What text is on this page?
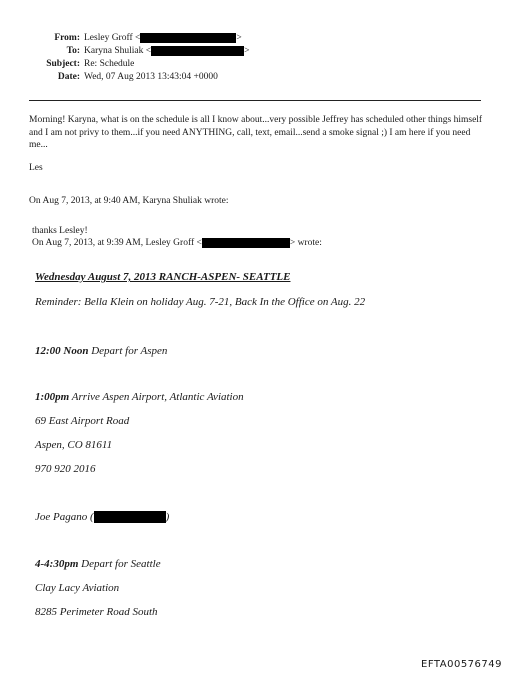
From: Lesley Groff <	>
To: Karyna Shuliak <	>
Subject: Re: Schedule
Date: Wed, 07 Aug 2013 13:43:04 +0000
Morning! Karyna, what is on the schedule is all I know about...very possible Jeffrey has scheduled other things himself and I am not privy to them...if you need ANYTHING, call, text, email...send a smoke signal ;) I am here if you need me...
Les
On Aug 7, 2013, at 9:40 AM, Karyna Shuliak wrote:
thanks Lesley!
On Aug 7, 2013, at 9:39 AM, Lesley Groff <	> wrote:
Wednesday August 7, 2013 RANCH-ASPEN- SEATTLE
Reminder: Bella Klein on holiday Aug. 7-21, Back In the Office on Aug. 22
12:00 Noon Depart for Aspen
1:00pm Arrive Aspen Airport, Atlantic Aviation
69 East Airport Road
Aspen, CO 81611
970 920 2016
Joe Pagano (	)
4-4:30pm Depart for Seattle
Clay Lacy Aviation
8285 Perimeter Road South
EFTA00576749
